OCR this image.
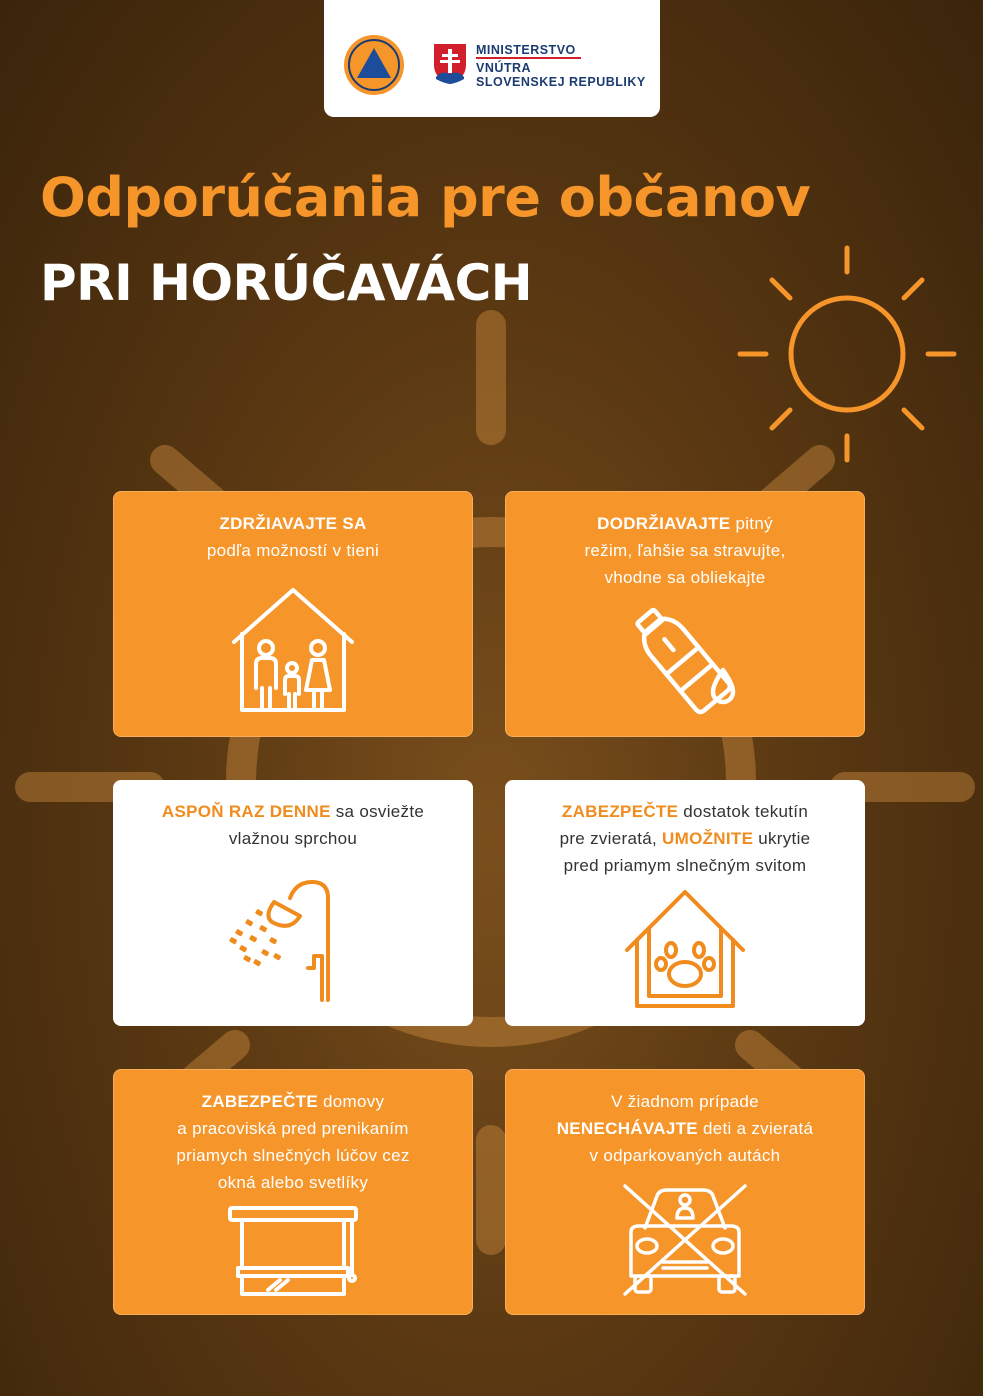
MINISTERSTVO
VNÚTRA
SLOVENSKEJ REPUBLIKY
Odporúčania pre občanov
PRI HORÚČAVÁCH
ZDRŽIAVAJTE SA
podľa možností v tieni
DODRŽIAVAJTE pitný
režim, ľahšie sa stravujte,
vhodne sa obliekajte
ASPOŇ RAZ DENNE sa osviežte
vlažnou sprchou
ZABEZPEČTE dostatok tekutín
pre zvieratá, UMOŽNITE ukrytie
pred priamym slnečným svitom
ZABEZPEČTE domovy
a pracoviská pred prenikaním
priamych slnečných lúčov cez
okná alebo svetlíky
V žiadnom prípade
NENECHÁVAJTE deti a zvieratá
v odparkovaných autách
